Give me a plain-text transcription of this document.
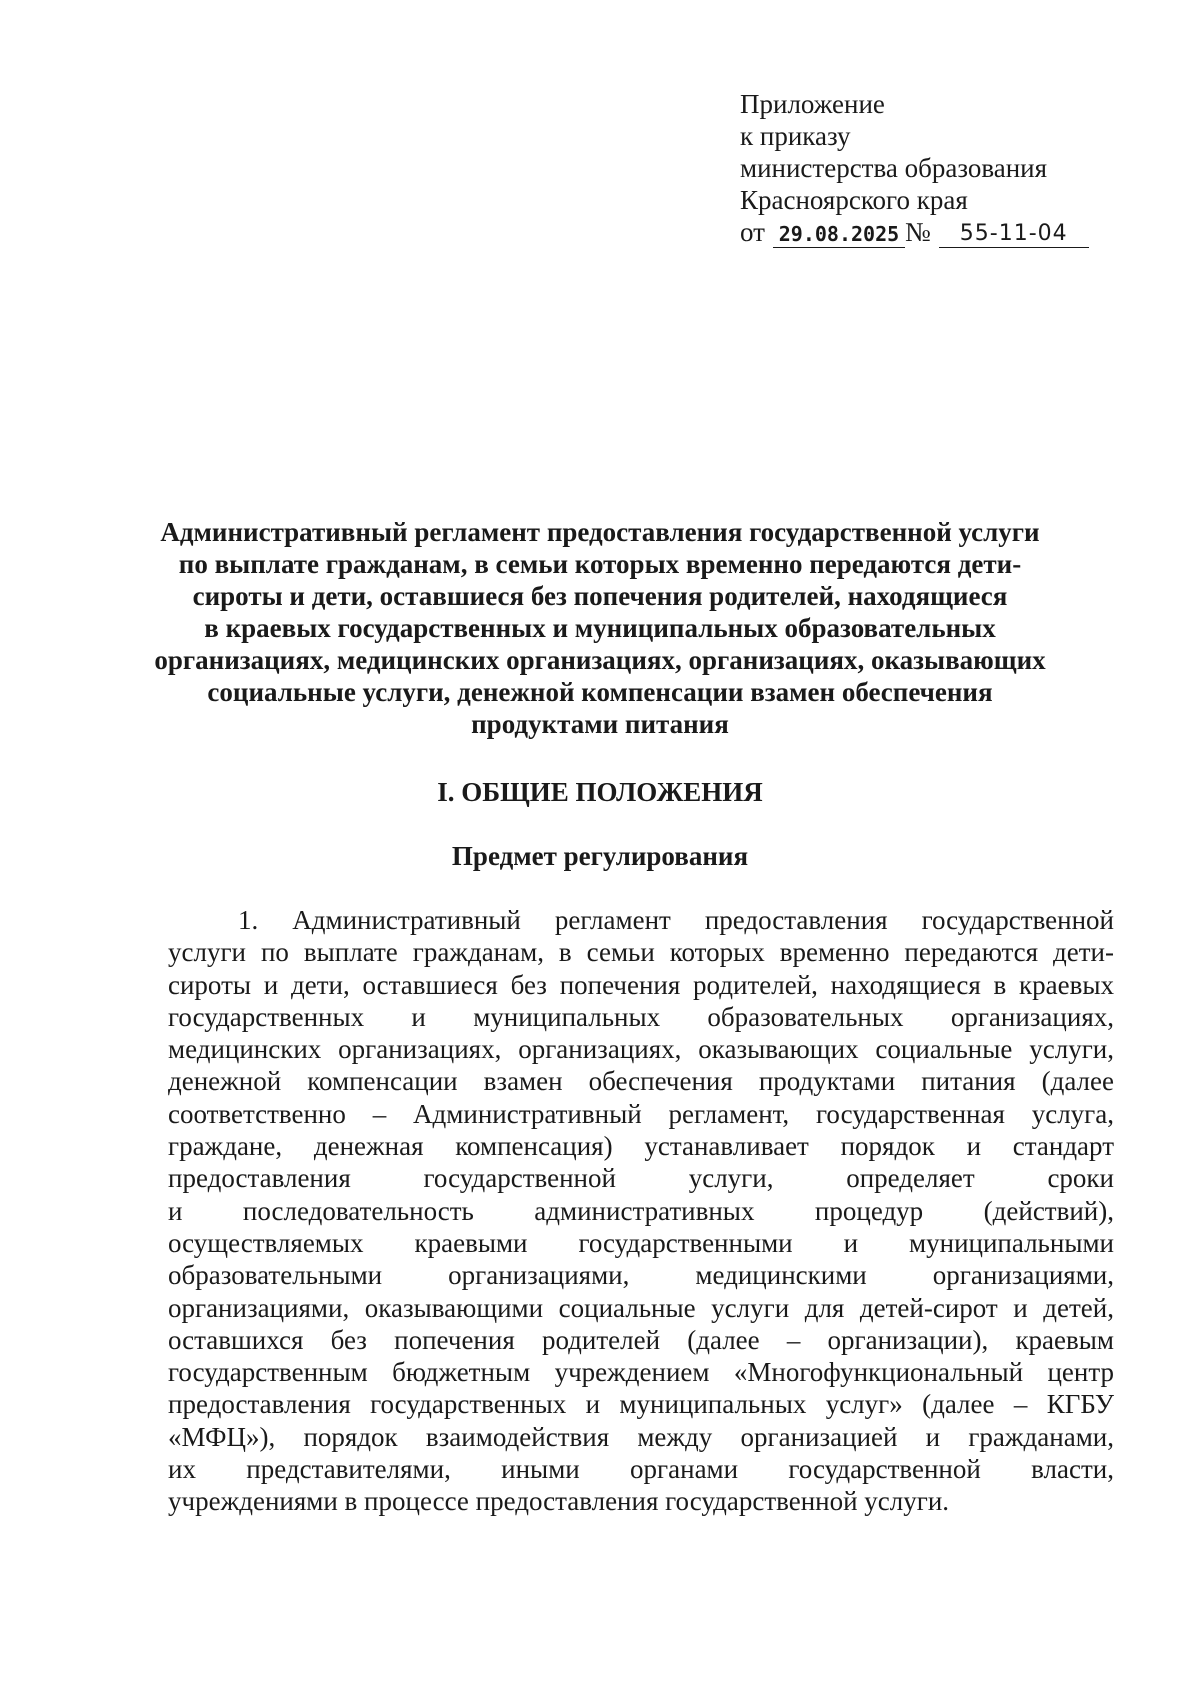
Приложение
к приказу
министерства образования
Красноярского края
от 29.08.2025 №	55-11-04
Административный регламент предоставления государственной услуги
по выплате гражданам, в семьи которых временно передаются дети-
сироты и дети, оставшиеся без попечения родителей, находящиеся
в краевых государственных и муниципальных образовательных
организациях, медицинских организациях, организациях, оказывающих
социальные услуги, денежной компенсации взамен обеспечения
продуктами питания
I. ОБЩИЕ ПОЛОЖЕНИЯ
Предмет регулирования
1. Административный регламент предоставления государственной
услуги по выплате гражданам, в семьи которых временно передаются дети-
сироты и дети, оставшиеся без попечения родителей, находящиеся в краевых
государственных и муниципальных образовательных организациях,
медицинских организациях, организациях, оказывающих социальные услуги,
денежной компенсации взамен обеспечения продуктами питания (далее
соответственно – Административный регламент, государственная услуга,
граждане, денежная компенсация) устанавливает порядок и стандарт
предоставления государственной услуги, определяет сроки
и последовательность административных процедур (действий),
осуществляемых краевыми государственными и муниципальными
образовательными организациями, медицинскими организациями,
организациями, оказывающими социальные услуги для детей-сирот и детей,
оставшихся без попечения родителей (далее – организации), краевым
государственным бюджетным учреждением «Многофункциональный центр
предоставления государственных и муниципальных услуг» (далее – КГБУ
«МФЦ»), порядок взаимодействия между организацией и гражданами,
их представителями, иными органами государственной власти,
учреждениями в процессе предоставления государственной услуги.
